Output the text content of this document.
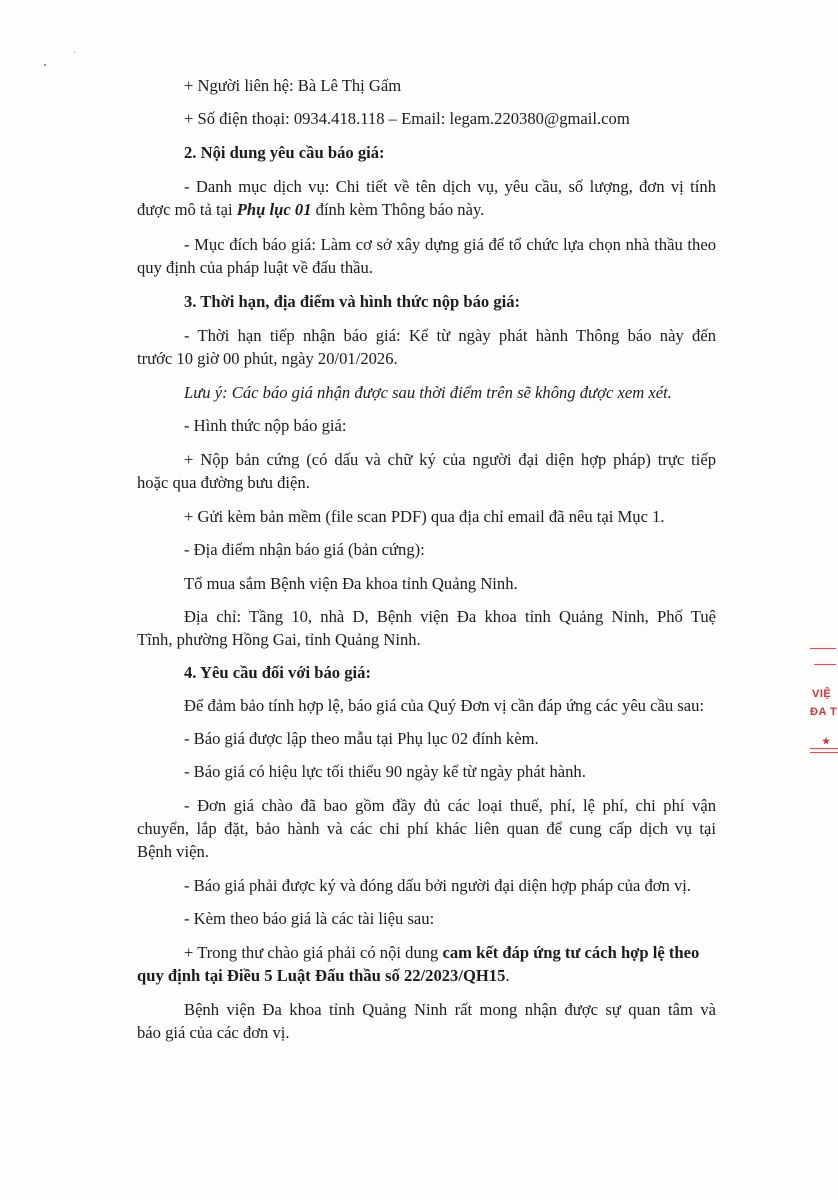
+ Người liên hệ: Bà Lê Thị Gấm
+ Số điện thoại: 0934.418.118 – Email: legam.220380@gmail.com
2. Nội dung yêu cầu báo giá:
- Danh mục dịch vụ: Chi tiết về tên dịch vụ, yêu cầu, số lượng, đơn vị tính
được mô tả tại Phụ lục 01 đính kèm Thông báo này.
- Mục đích báo giá: Làm cơ sở xây dựng giá để tổ chức lựa chọn nhà thầu theo
quy định của pháp luật về đấu thầu.
3. Thời hạn, địa điểm và hình thức nộp báo giá:
- Thời hạn tiếp nhận báo giá: Kể từ ngày phát hành Thông báo này đến
trước 10 giờ 00 phút, ngày 20/01/2026.
Lưu ý: Các báo giá nhận được sau thời điểm trên sẽ không được xem xét.
- Hình thức nộp báo giá:
+ Nộp bản cứng (có dấu và chữ ký của người đại diện hợp pháp) trực tiếp
hoặc qua đường bưu điện.
+ Gửi kèm bản mềm (file scan PDF) qua địa chỉ email đã nêu tại Mục 1.
- Địa điểm nhận báo giá (bản cứng):
Tổ mua sắm Bệnh viện Đa khoa tỉnh Quảng Ninh.
Địa chỉ: Tầng 10, nhà D, Bệnh viện Đa khoa tỉnh Quảng Ninh, Phố Tuệ
Tĩnh, phường Hồng Gai, tỉnh Quảng Ninh.
4. Yêu cầu đối với báo giá:
Để đảm bảo tính hợp lệ, báo giá của Quý Đơn vị cần đáp ứng các yêu cầu sau:
- Báo giá được lập theo mẫu tại Phụ lục 02 đính kèm.
- Báo giá có hiệu lực tối thiểu 90 ngày kể từ ngày phát hành.
- Đơn giá chào đã bao gồm đầy đủ các loại thuế, phí, lệ phí, chi phí vận
chuyển, lắp đặt, bảo hành và các chi phí khác liên quan để cung cấp dịch vụ tại
Bệnh viện.
- Báo giá phải được ký và đóng dấu bởi người đại diện hợp pháp của đơn vị.
- Kèm theo báo giá là các tài liệu sau:
+ Trong thư chào giá phải có nội dung cam kết đáp ứng tư cách hợp lệ theo
quy định tại Điều 5 Luật Đấu thầu số 22/2023/QH15.
Bệnh viện Đa khoa tỉnh Quảng Ninh rất mong nhận được sự quan tâm và
báo giá của các đơn vị.
VIỆ
ĐA T
★
